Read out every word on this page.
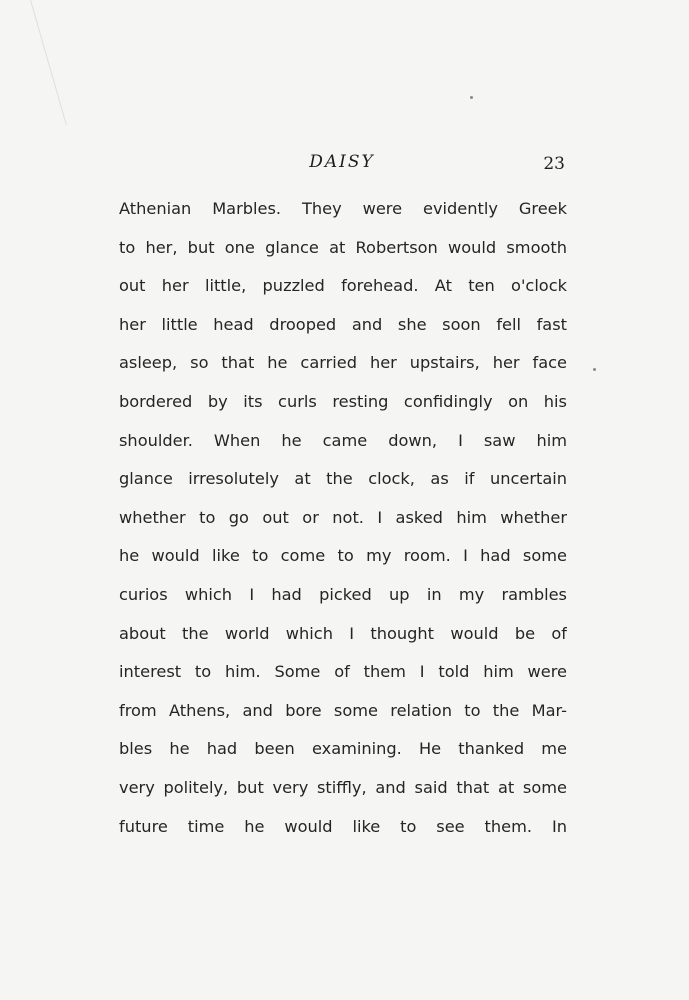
DAISY	23
Athenian Marbles. They were evidently Greek
to her, but one glance at Robertson would smooth
out her little, puzzled forehead. At ten o'clock
her little head drooped and she soon fell fast
asleep, so that he carried her upstairs, her face
bordered by its curls resting confidingly on his
shoulder. When he came down, I saw him
glance irresolutely at the clock, as if uncertain
whether to go out or not. I asked him whether
he would like to come to my room. I had some
curios which I had picked up in my rambles
about the world which I thought would be of
interest to him. Some of them I told him were
from Athens, and bore some relation to the Mar-
bles he had been examining. He thanked me
very politely, but very stiffly, and said that at some
future time he would like to see them. In
